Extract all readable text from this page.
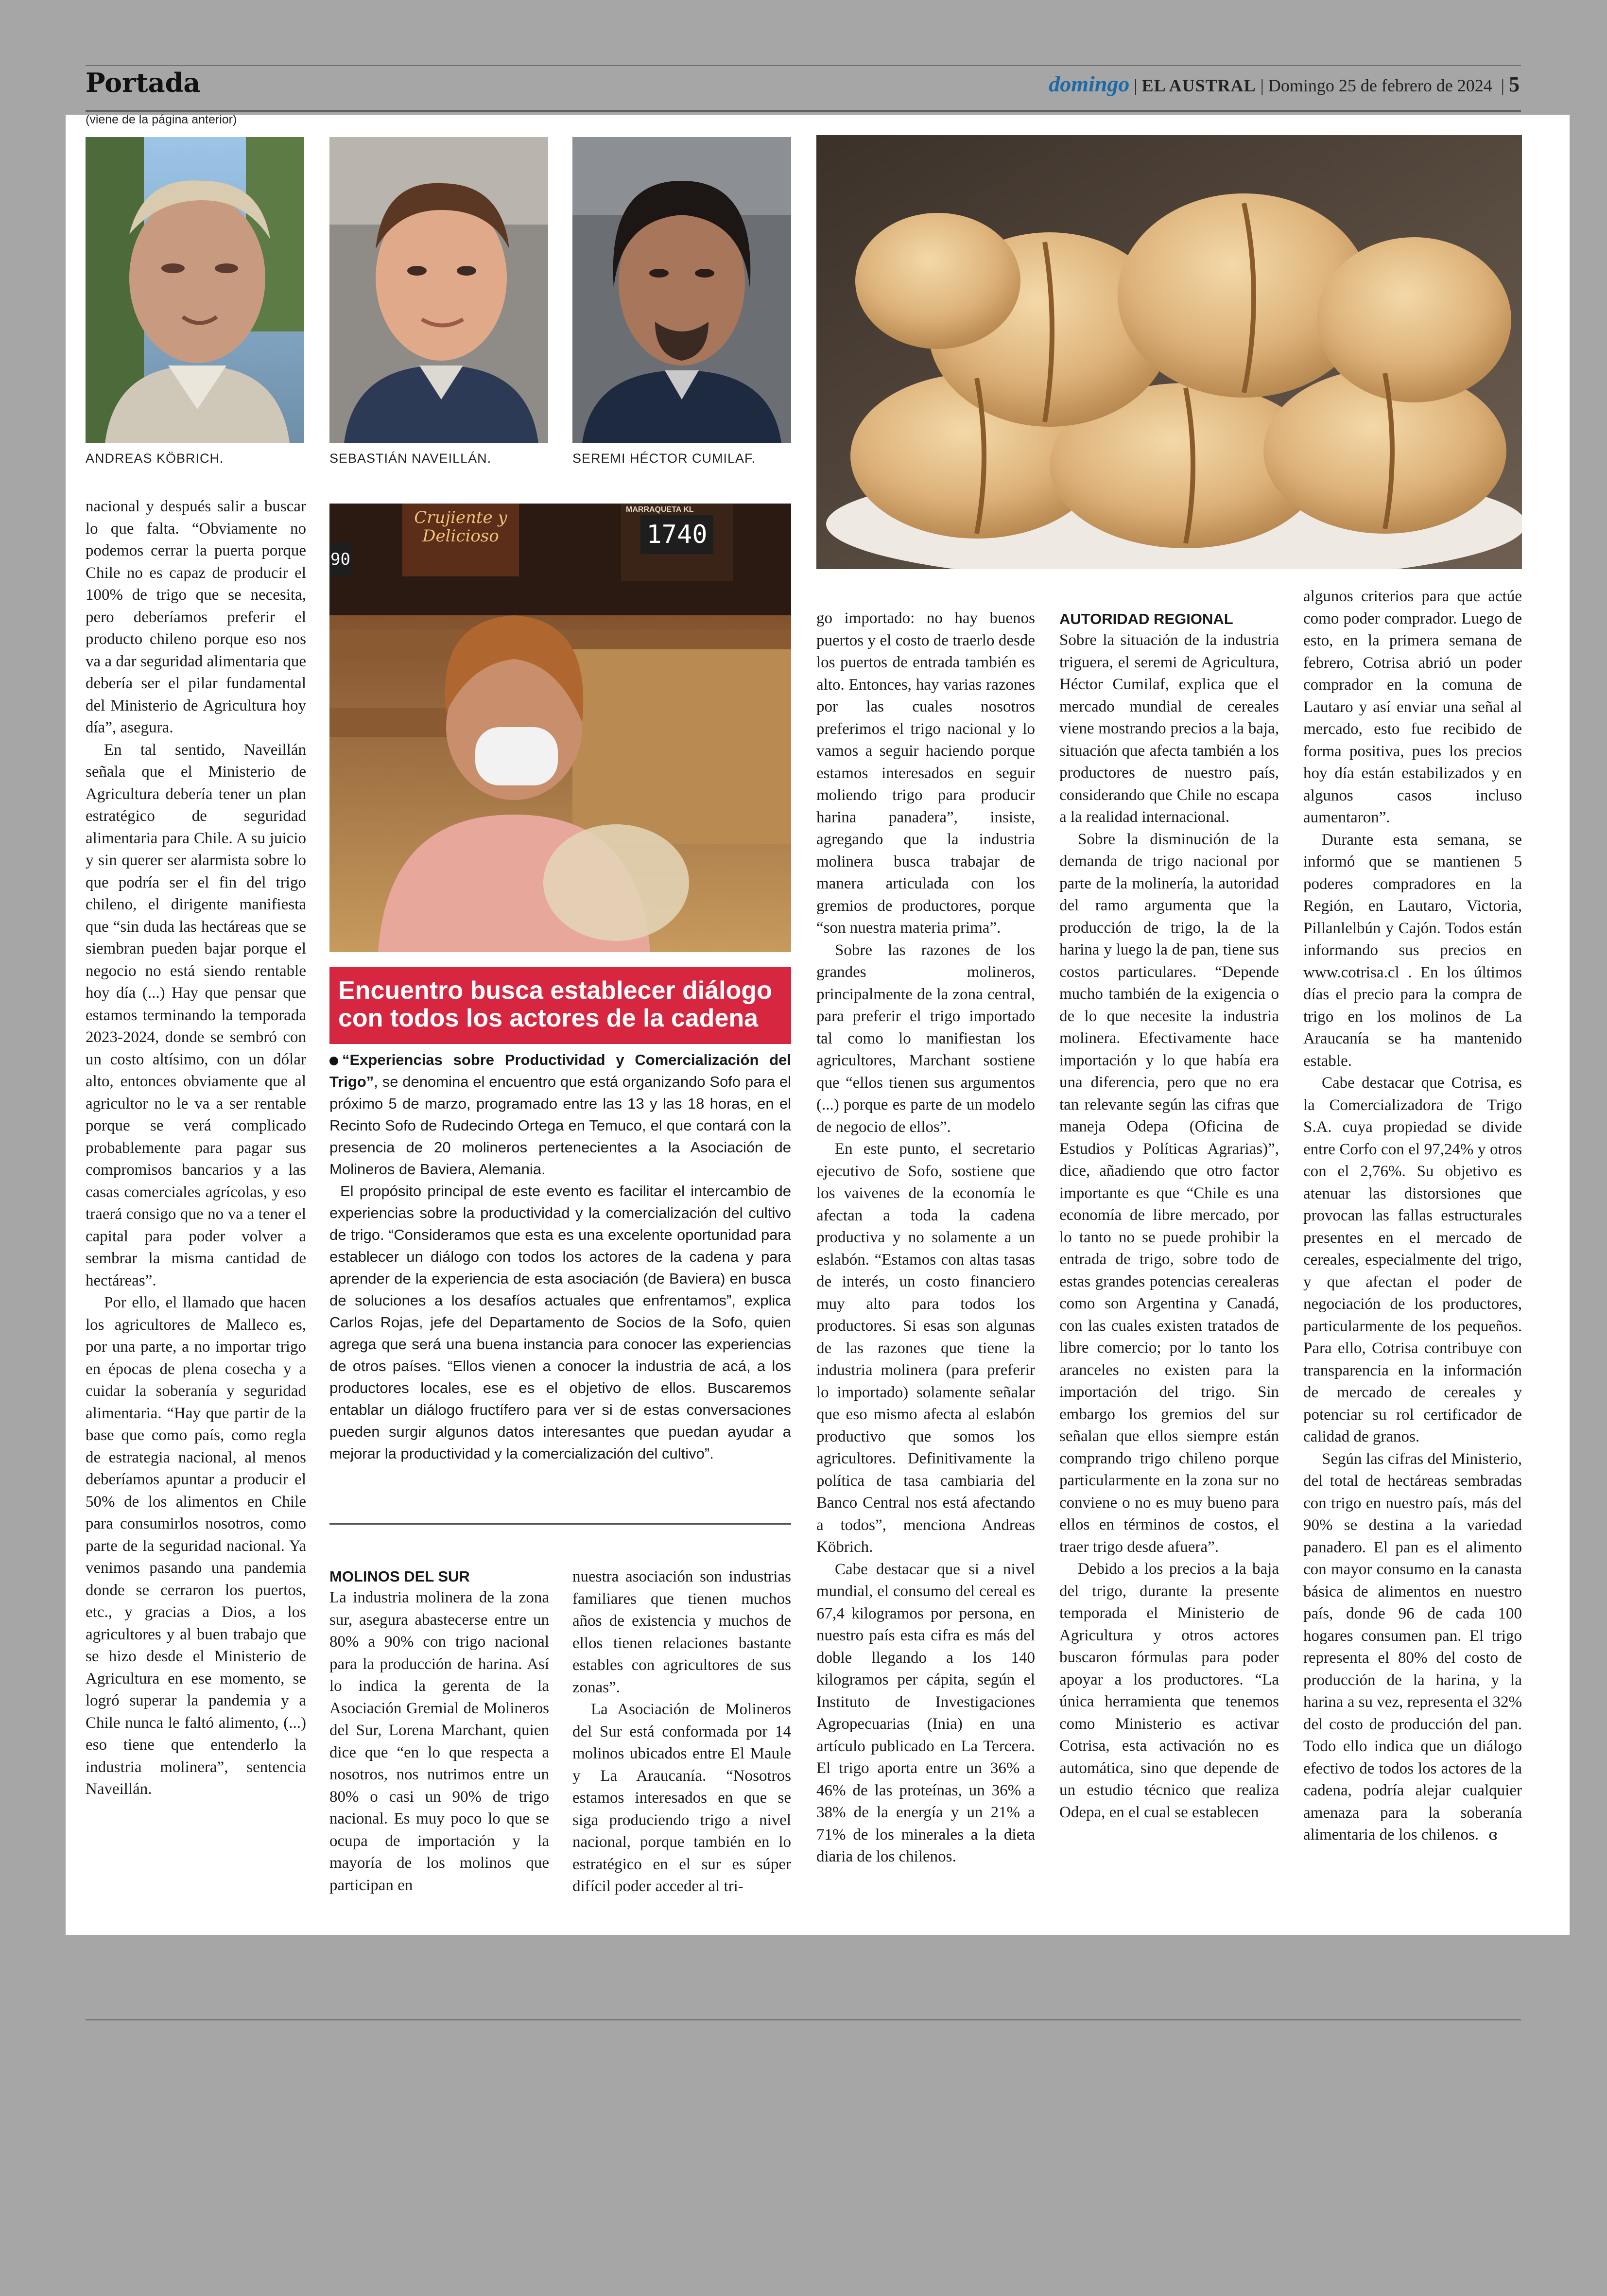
Portada	domingo | EL AUSTRAL | Domingo 25 de febrero de 2024 | 5
(viene de la página anterior)
ANDREAS KÖBRICH.	SEBASTIÁN NAVEILLÁN.	SEREMI HÉCTOR CUMILAF.

nacional y después salir a buscar lo que falta. “Obviamente no podemos cerrar la puerta porque Chile no es capaz de producir el 100% de trigo que se necesita, pero deberíamos preferir el producto chileno porque eso nos va a dar seguridad alimentaria que debería ser el pilar fundamental del Ministerio de Agricultura hoy día”, asegura.

En tal sentido, Naveillán señala que el Ministerio de Agricultura debería tener un plan estratégico de seguridad alimentaria para Chile. A su juicio y sin querer ser alarmista sobre lo que podría ser el fin del trigo chileno, el dirigente manifiesta que “sin duda las hectáreas que se siembran pueden bajar porque el negocio no está siendo rentable hoy día (...) Hay que pensar que estamos terminando la temporada 2023-2024, donde se sembró con un costo altísimo, con un dólar alto, entonces obviamente que al agricultor no le va a ser rentable porque se verá complicado probablemente para pagar sus compromisos bancarios y a las casas comerciales agrícolas, y eso traerá consigo que no va a tener el capital para poder volver a sembrar la misma cantidad de hectáreas”.

Por ello, el llamado que hacen los agricultores de Malleco es, por una parte, a no importar trigo en épocas de plena cosecha y a cuidar la soberanía y seguridad alimentaria. “Hay que partir de la base que como país, como regla de estrategia nacional, al menos deberíamos apuntar a producir el 50% de los alimentos en Chile para consumirlos nosotros, como parte de la seguridad nacional. Ya venimos pasando una pandemia donde se cerraron los puertos, etc., y gracias a Dios, a los agricultores y al buen trabajo que se hizo desde el Ministerio de Agricultura en ese momento, se logró superar la pandemia y a Chile nunca le faltó alimento, (...) eso tiene que entenderlo la industria molinera”, sentencia Naveillán.

Crujiente y Delicioso
MARRAQUETA KL
1740
90
Encuentro busca establecer diálogo con todos los actores de la cadena

“Experiencias sobre Productividad y Comercialización del Trigo”, se denomina el encuentro que está organizando Sofo para el próximo 5 de marzo, programado entre las 13 y las 18 horas, en el Recinto Sofo de Rudecindo Ortega en Temuco, el que contará con la presencia de 20 molineros pertenecientes a la Asociación de Molineros de Baviera, Alemania.

El propósito principal de este evento es facilitar el intercambio de experiencias sobre la productividad y la comercialización del cultivo de trigo. “Consideramos que esta es una excelente oportunidad para establecer un diálogo con todos los actores de la cadena y para aprender de la experiencia de esta asociación (de Baviera) en busca de soluciones a los desafíos actuales que enfrentamos”, explica Carlos Rojas, jefe del Departamento de Socios de la Sofo, quien agrega que será una buena instancia para conocer las experiencias de otros países. “Ellos vienen a conocer la industria de acá, a los productores locales, ese es el objetivo de ellos. Buscaremos entablar un diálogo fructífero para ver si de estas conversaciones pueden surgir algunos datos interesantes que puedan ayudar a mejorar la productividad y la comercialización del cultivo”.

MOLINOS DEL SUR

La industria molinera de la zona sur, asegura abastecerse entre un 80% a 90% con trigo nacional para la producción de harina. Así lo indica la gerenta de la Asociación Gremial de Molineros del Sur, Lorena Marchant, quien dice que “en lo que respecta a nosotros, nos nutrimos entre un 80% o casi un 90% de trigo nacional. Es muy poco lo que se ocupa de importación y la mayoría de los molinos que participan en

nuestra asociación son industrias familiares que tienen muchos años de existencia y muchos de ellos tienen relaciones bastante estables con agricultores de sus zonas”.

La Asociación de Molineros del Sur está conformada por 14 molinos ubicados entre El Maule y La Araucanía. “Nosotros estamos interesados en que se siga produciendo trigo a nivel nacional, porque también en lo estratégico en el sur es súper difícil poder acceder al tri-

go importado: no hay buenos puertos y el costo de traerlo desde los puertos de entrada también es alto. Entonces, hay varias razones por las cuales nosotros preferimos el trigo nacional y lo vamos a seguir haciendo porque estamos interesados en seguir moliendo trigo para producir harina panadera”, insiste, agregando que la industria molinera busca trabajar de manera articulada con los gremios de productores, porque “son nuestra materia prima”.

Sobre las razones de los grandes molineros, principalmente de la zona central, para preferir el trigo importado tal como lo manifiestan los agricultores, Marchant sostiene que “ellos tienen sus argumentos (...) porque es parte de un modelo de negocio de ellos”.

En este punto, el secretario ejecutivo de Sofo, sostiene que los vaivenes de la economía le afectan a toda la cadena productiva y no solamente a un eslabón. “Estamos con altas tasas de interés, un costo financiero muy alto para todos los productores. Si esas son algunas de las razones que tiene la industria molinera (para preferir lo importado) solamente señalar que eso mismo afecta al eslabón productivo que somos los agricultores. Definitivamente la política de tasa cambiaria del Banco Central nos está afectando a todos”, menciona Andreas Köbrich.

Cabe destacar que si a nivel mundial, el consumo del cereal es 67,4 kilogramos por persona, en nuestro país esta cifra es más del doble llegando a los 140 kilogramos per cápita, según el Instituto de Investigaciones Agropecuarias (Inia) en una artículo publicado en La Tercera. El trigo aporta entre un 36% a 46% de las proteínas, un 36% a 38% de la energía y un 21% a 71% de los minerales a la dieta diaria de los chilenos.

AUTORIDAD REGIONAL

Sobre la situación de la industria triguera, el seremi de Agricultura, Héctor Cumilaf, explica que el mercado mundial de cereales viene mostrando precios a la baja, situación que afecta también a los productores de nuestro país, considerando que Chile no escapa a la realidad internacional.

Sobre la disminución de la demanda de trigo nacional por parte de la molinería, la autoridad del ramo argumenta que la producción de trigo, la de la harina y luego la de pan, tiene sus costos particulares. “Depende mucho también de la exigencia o de lo que necesite la industria molinera. Efectivamente hace importación y lo que había era una diferencia, pero que no era tan relevante según las cifras que maneja Odepa (Oficina de Estudios y Políticas Agrarias)”, dice, añadiendo que otro factor importante es que “Chile es una economía de libre mercado, por lo tanto no se puede prohibir la entrada de trigo, sobre todo de estas grandes potencias cerealeras como son Argentina y Canadá, con las cuales existen tratados de libre comercio; por lo tanto los aranceles no existen para la importación del trigo. Sin embargo los gremios del sur señalan que ellos siempre están comprando trigo chileno porque particularmente en la zona sur no conviene o no es muy bueno para ellos en términos de costos, el traer trigo desde afuera”.

Debido a los precios a la baja del trigo, durante la presente temporada el Ministerio de Agricultura y otros actores buscaron fórmulas para poder apoyar a los productores. “La única herramienta que tenemos como Ministerio es activar Cotrisa, esta activación no es automática, sino que depende de un estudio técnico que realiza Odepa, en el cual se establecen

algunos criterios para que actúe como poder comprador. Luego de esto, en la primera semana de febrero, Cotrisa abrió un poder comprador en la comuna de Lautaro y así enviar una señal al mercado, esto fue recibido de forma positiva, pues los precios hoy día están estabilizados y en algunos casos incluso aumentaron”.

Durante esta semana, se informó que se mantienen 5 poderes compradores en la Región, en Lautaro, Victoria, Pillanlelbún y Cajón. Todos están informando sus precios en www.cotrisa.cl . En los últimos días el precio para la compra de trigo en los molinos de La Araucanía se ha mantenido estable.

Cabe destacar que Cotrisa, es la Comercializadora de Trigo S.A. cuya propiedad se divide entre Corfo con el 97,24% y otros con el 2,76%. Su objetivo es atenuar las distorsiones que provocan las fallas estructurales presentes en el mercado de cereales, especialmente del trigo, y que afectan el poder de negociación de los productores, particularmente de los pequeños. Para ello, Cotrisa contribuye con transparencia en la información de mercado de cereales y potenciar su rol certificador de calidad de granos.

Según las cifras del Ministerio, del total de hectáreas sembradas con trigo en nuestro país, más del 90% se destina a la variedad panadero. El pan es el alimento con mayor consumo en la canasta básica de alimentos en nuestro país, donde 96 de cada 100 hogares consumen pan. El trigo representa el 80% del costo de producción de la harina, y la harina a su vez, representa el 32% del costo de producción del pan. Todo ello indica que un diálogo efectivo de todos los actores de la cadena, podría alejar cualquier amenaza para la soberanía alimentaria de los chilenos. ɞ
